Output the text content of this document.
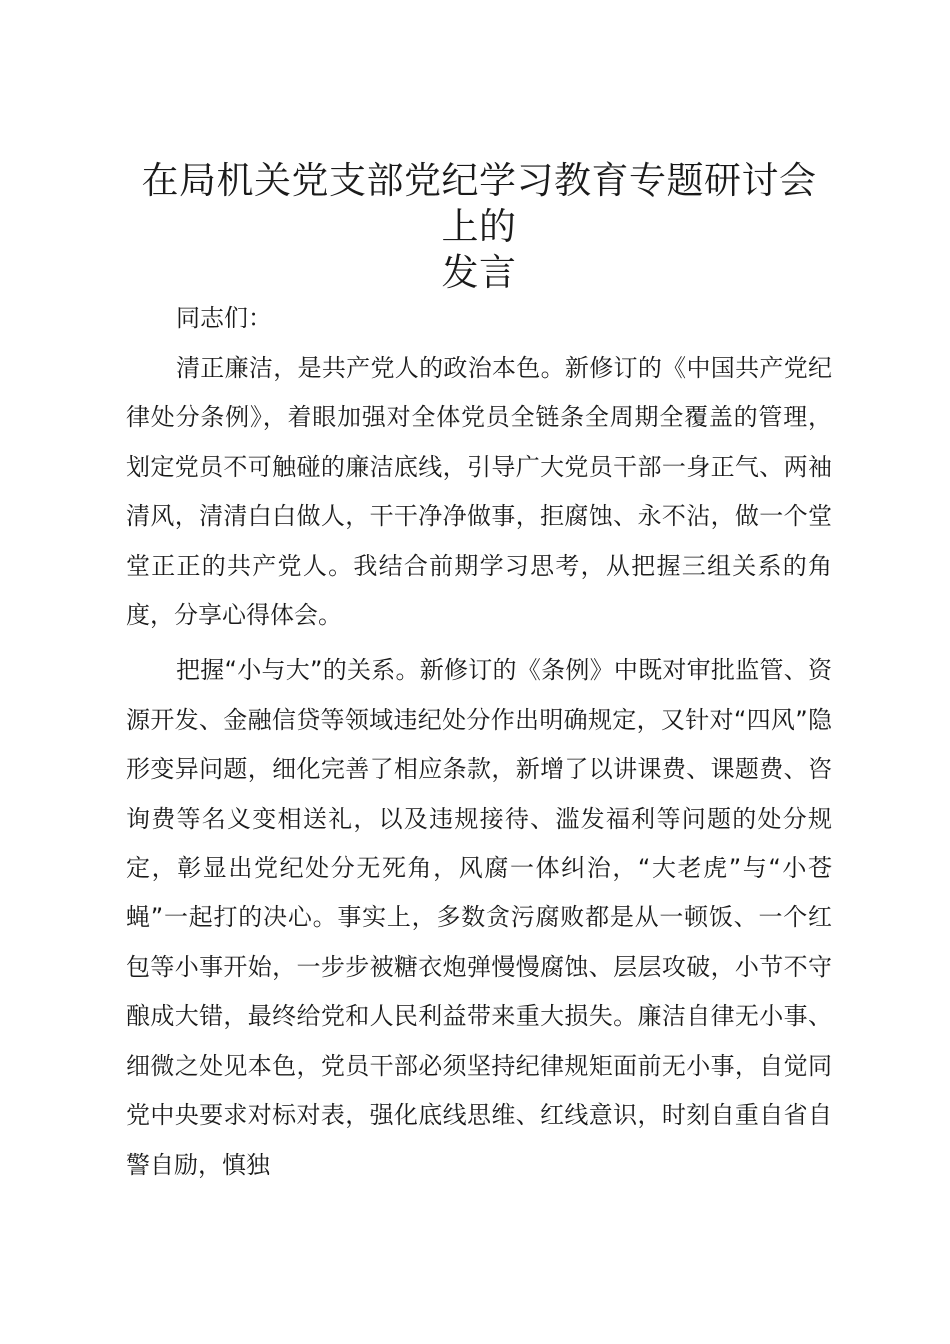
在局机关党支部党纪学习教育专题研讨会上的
发言

同志们：

清正廉洁，是共产党人的政治本色。新修订的《中国共产党纪律处分条例》，着眼加强对全体党员全链条全周期全覆盖的管理，划定党员不可触碰的廉洁底线，引导广大党员干部一身正气、两袖清风，清清白白做人，干干净净做事，拒腐蚀、永不沾，做一个堂堂正正的共产党人。我结合前期学习思考，从把握三组关系的角度，分享心得体会。

把握“小与大”的关系。新修订的《条例》中既对审批监管、资源开发、金融信贷等领域违纪处分作出明确规定，又针对“四风”隐形变异问题，细化完善了相应条款，新增了以讲课费、课题费、咨询费等名义变相送礼，以及违规接待、滥发福利等问题的处分规定，彰显出党纪处分无死角，风腐一体纠治，“大老虎”与“小苍蝇”一起打的决心。事实上，多数贪污腐败都是从一顿饭、一个红包等小事开始，一步步被糖衣炮弹慢慢腐蚀、层层攻破，小节不守酿成大错，最终给党和人民利益带来重大损失。廉洁自律无小事、细微之处见本色，党员干部必须坚持纪律规矩面前无小事，自觉同党中央要求对标对表，强化底线思维、红线意识，时刻自重自省自警自励，慎独
